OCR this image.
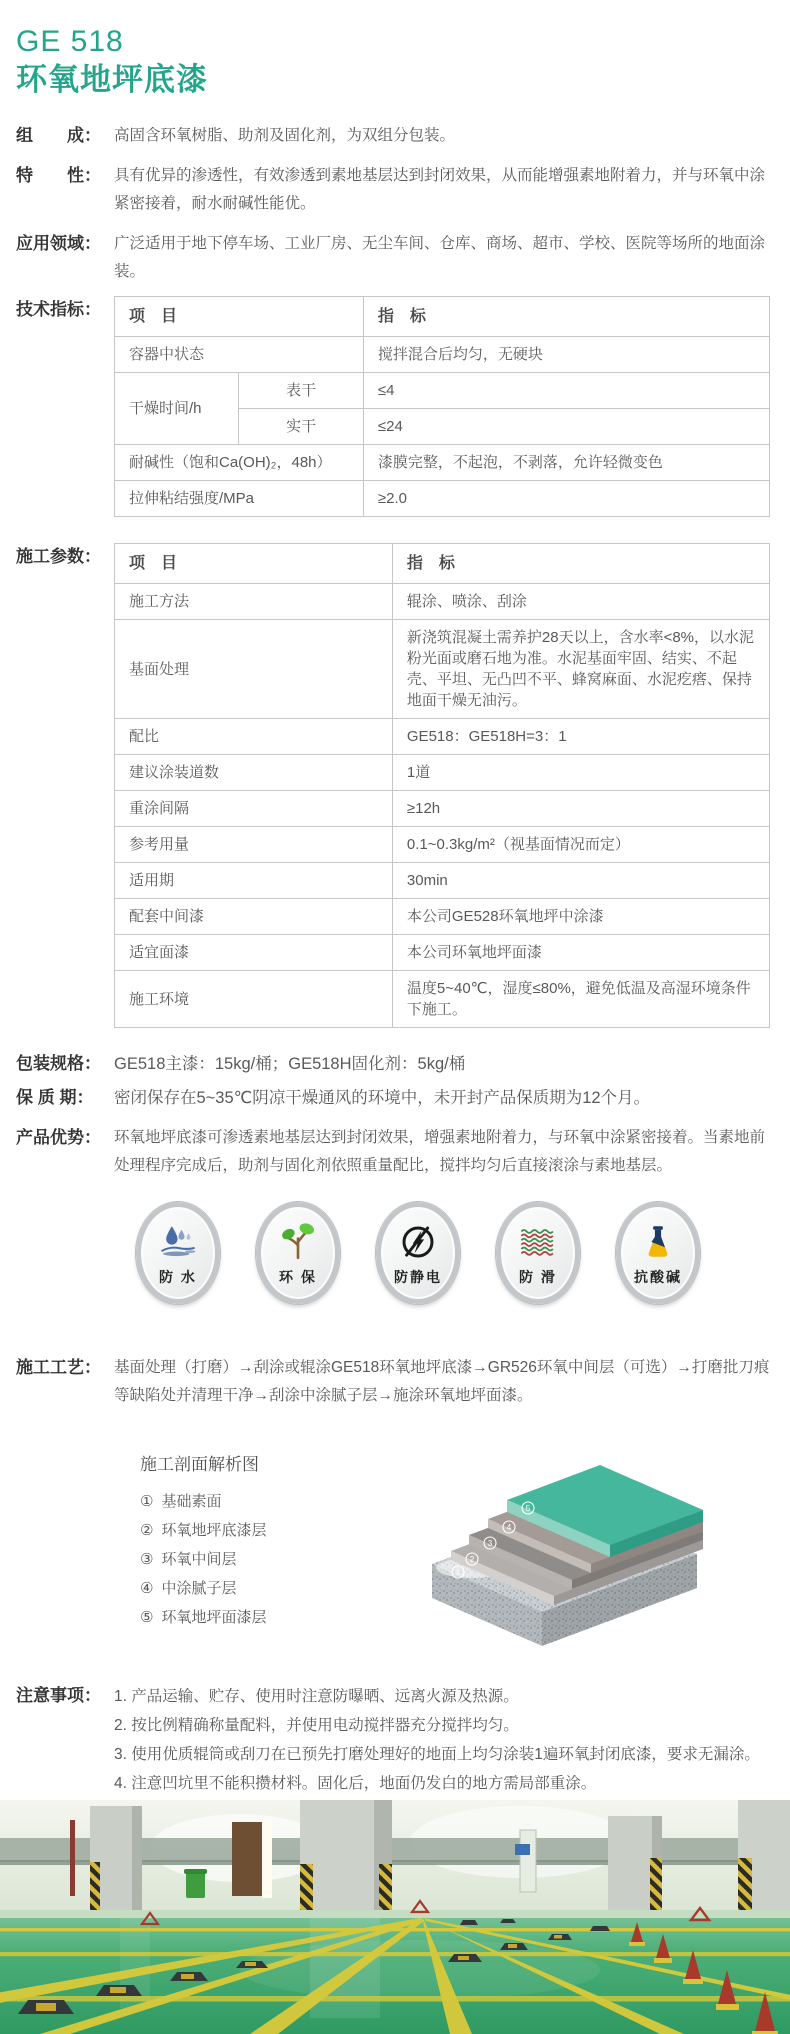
GE 518
环氧地坪底漆
组　　成： 高固含环氧树脂、助剂及固化剂，为双组分包装。
特　　性： 具有优异的渗透性，有效渗透到素地基层达到封闭效果，从而能增强素地附着力，并与环氧中涂紧密接着，耐水耐碱性能优。
应用领域： 广泛适用于地下停车场、工业厂房、无尘车间、仓库、商场、超市、学校、医院等场所的地面涂装。
技术指标：	项　目		指　标
容器中状态		搅拌混合后均匀，无硬块
干燥时间/h	表干	≤4
	实干	≤24
耐碱性（饱和Ca(OH)₂，48h）		漆膜完整，不起泡，不剥落，允许轻微变色
拉伸粘结强度/MPa		≥2.0
施工参数：	项　目	指　标
施工方法	辊涂、喷涂、刮涂
基面处理	新浇筑混凝土需养护28天以上，含水率<8%，以水泥粉光面或磨石地为准。水泥基面牢固、结实、不起壳、平坦、无凸凹不平、蜂窝麻面、水泥疙瘩、保持地面干燥无油污。
配比	GE518：GE518H=3：1
建议涂装道数	1道
重涂间隔	≥12h
参考用量	0.1~0.3kg/m²（视基面情况而定）
适用期	30min
配套中间漆	本公司GE528环氧地坪中涂漆
适宜面漆	本公司环氧地坪面漆
施工环境	温度5~40℃，湿度≤80%，避免低温及高湿环境条件下施工。
包装规格： GE518主漆：15kg/桶；GE518H固化剂：5kg/桶
保 质 期：	密闭保存在5~35℃阴凉干燥通风的环境中，未开封产品保质期为12个月。
产品优势： 环氧地坪底漆可渗透素地基层达到封闭效果，增强素地附着力，与环氧中涂紧密接着。当素地前处理程序完成后，助剂与固化剂依照重量配比，搅拌均匀后直接滚涂与素地基层。
防 水	环 保	防静电	防 滑	抗酸碱
施工工艺： 基面处理（打磨）→刮涂或辊涂GE518环氧地坪底漆→GR526环氧中间层（可选）→打磨批刀痕等缺陷处并清理干净→刮涂中涂腻子层→施涂环氧地坪面漆。
施工剖面解析图
① 基础素面
② 环氧地坪底漆层
③ 环氧中间层
④ 中涂腻子层
⑤ 环氧地坪面漆层
1
2
3
4
5
注意事项： 1. 产品运输、贮存、使用时注意防曝晒、远离火源及热源。
2. 按比例精确称量配料，并使用电动搅拌器充分搅拌均匀。
3. 使用优质辊筒或刮刀在已预先打磨处理好的地面上均匀涂装1遍环氧封闭底漆，要求无漏涂。
4. 注意凹坑里不能积攒材料。固化后，地面仍发白的地方需局部重涂。
